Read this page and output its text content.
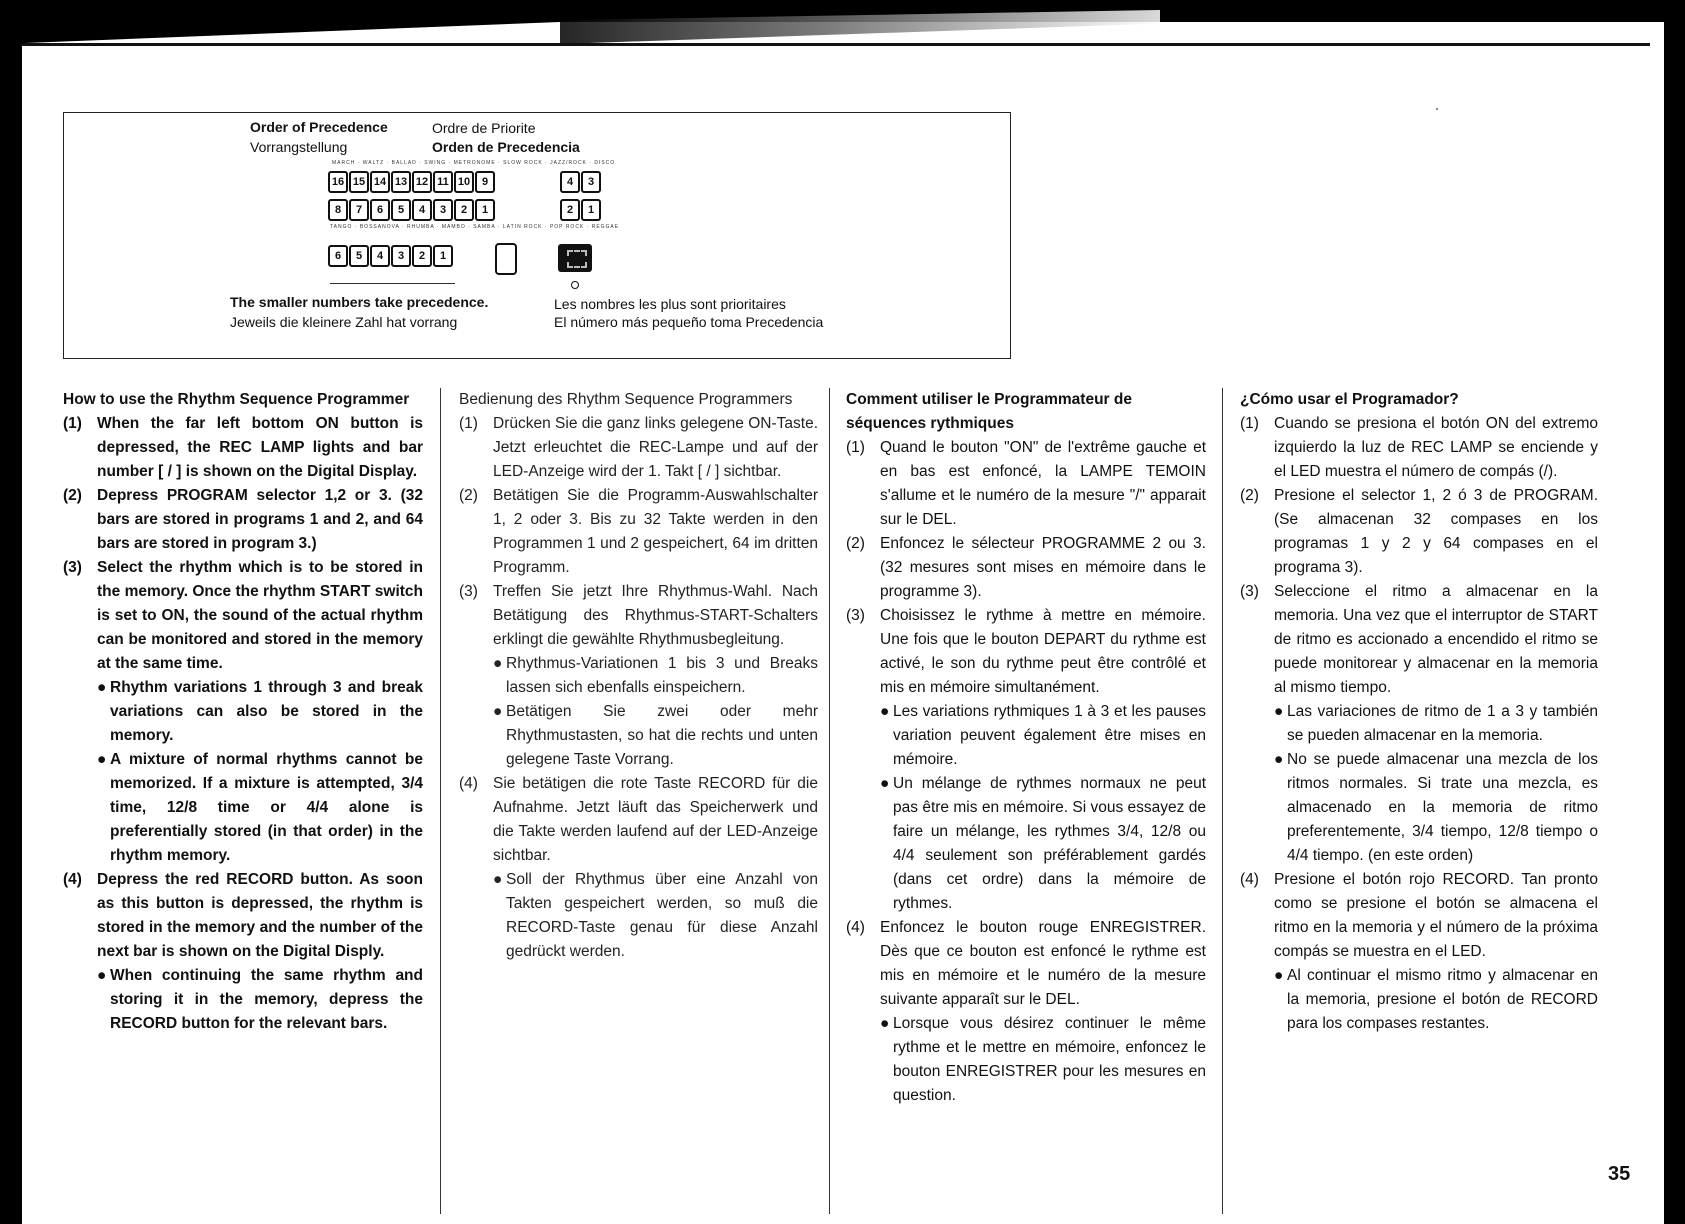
Order of Precedence	Ordre de Priorite
Vorrangstellung	Orden de Precedencia
MARCH · WALTZ · BALLAD · SWING · METRONOME · SLOW ROCK · JAZZ/ROCK · DISCO
16 15 14 13 12 11 10	9
8	7	6	5	4	3	2	1
TANGO · BOSSANOVA · RHUMBA · MAMBO · SAMBA · LATIN ROCK · POP ROCK · REGGAE
4	3
2	1
6	5	4	3	2	1
The smaller numbers take precedence.	Les nombres les plus sont prioritaires
Jeweils die kleinere Zahl hat vorrang	El número más pequeño toma Precedencia
How to use the Rhythm Sequence Programmer
(1) When the far left bottom ON button is depressed, the REC LAMP lights and bar number [ / ] is shown on the Digital Display.
(2) Depress PROGRAM selector 1,2 or 3. (32 bars are stored in programs 1 and 2, and 64 bars are stored in program 3.)
(3) Select the rhythm which is to be stored in the memory. Once the rhythm START switch is set to ON, the sound of the actual rhythm can be monitored and stored in the memory at the same time.
● Rhythm variations 1 through 3 and break variations can also be stored in the memory.
● A mixture of normal rhythms cannot be memorized. If a mixture is attempted, 3/4 time, 12/8 time or 4/4 alone is preferentially stored (in that order) in the rhythm memory.
(4) Depress the red RECORD button. As soon as this button is depressed, the rhythm is stored in the memory and the number of the next bar is shown on the Digital Disply.
● When continuing the same rhythm and storing it in the memory, depress the RECORD button for the relevant bars.
Bedienung des Rhythm Sequence Programmers
(1) Drücken Sie die ganz links gelegene ON-Taste. Jetzt erleuchtet die REC-Lampe und auf der LED-Anzeige wird der 1. Takt [ / ] sichtbar.
(2) Betätigen Sie die Programm-Auswahlschalter 1, 2 oder 3. Bis zu 32 Takte werden in den Programmen 1 und 2 gespeichert, 64 im dritten Programm.
(3) Treffen Sie jetzt Ihre Rhythmus-Wahl. Nach Betätigung des Rhythmus-START-Schalters erklingt die gewählte Rhythmusbegleitung.
● Rhythmus-Variationen 1 bis 3 und Breaks lassen sich ebenfalls einspeichern.
● Betätigen Sie zwei oder mehr Rhythmustasten, so hat die rechts und unten gelegene Taste Vorrang.
(4) Sie betätigen die rote Taste RECORD für die Aufnahme. Jetzt läuft das Speicherwerk und die Takte werden laufend auf der LED-Anzeige sichtbar.
● Soll der Rhythmus über eine Anzahl von Takten gespeichert werden, so muß die RECORD-Taste genau für diese Anzahl gedrückt werden.
Comment utiliser le Programmateur de séquences rythmiques
(1) Quand le bouton "ON" de l'extrême gauche et en bas est enfoncé, la LAMPE TEMOIN s'allume et le numéro de la mesure "/" apparait sur le DEL.
(2) Enfoncez le sélecteur PROGRAMME 2 ou 3. (32 mesures sont mises en mémoire dans le programme 3).
(3) Choisissez le rythme à mettre en mémoire. Une fois que le bouton DEPART du rythme est activé, le son du rythme peut être contrôlé et mis en mémoire simultanément.
● Les variations rythmiques 1 à 3 et les pauses variation peuvent également être mises en mémoire.
● Un mélange de rythmes normaux ne peut pas être mis en mémoire. Si vous essayez de faire un mélange, les rythmes 3/4, 12/8 ou 4/4 seulement son préférablement gardés (dans cet ordre) dans la mémoire de rythmes.
(4) Enfoncez le bouton rouge ENREGISTRER. Dès que ce bouton est enfoncé le rythme est mis en mémoire et le numéro de la mesure suivante apparaît sur le DEL.
● Lorsque vous désirez continuer le même rythme et le mettre en mémoire, enfoncez le bouton ENREGISTRER pour les mesures en question.
¿Cómo usar el Programador?
(1) Cuando se presiona el botón ON del extremo izquierdo la luz de REC LAMP se enciende y el LED muestra el número de compás (/).
(2) Presione el selector 1, 2 ó 3 de PROGRAM. (Se almacenan 32 compases en los programas 1 y 2 y 64 compases en el programa 3).
(3) Seleccione el ritmo a almacenar en la memoria. Una vez que el interruptor de START de ritmo es accionado a encendido el ritmo se puede monitorear y almacenar en la memoria al mismo tiempo.
● Las variaciones de ritmo de 1 a 3 y también se pueden almacenar en la memoria.
● No se puede almacenar una mezcla de los ritmos normales. Si trate una mezcla, es almacenado en la memoria de ritmo preferentemente, 3/4 tiempo, 12/8 tiempo o 4/4 tiempo. (en este orden)
(4) Presione el botón rojo RECORD. Tan pronto como se presione el botón se almacena el ritmo en la memoria y el número de la próxima compás se muestra en el LED.
● Al continuar el mismo ritmo y almacenar en la memoria, presione el botón de RECORD para los compases restantes.
35
